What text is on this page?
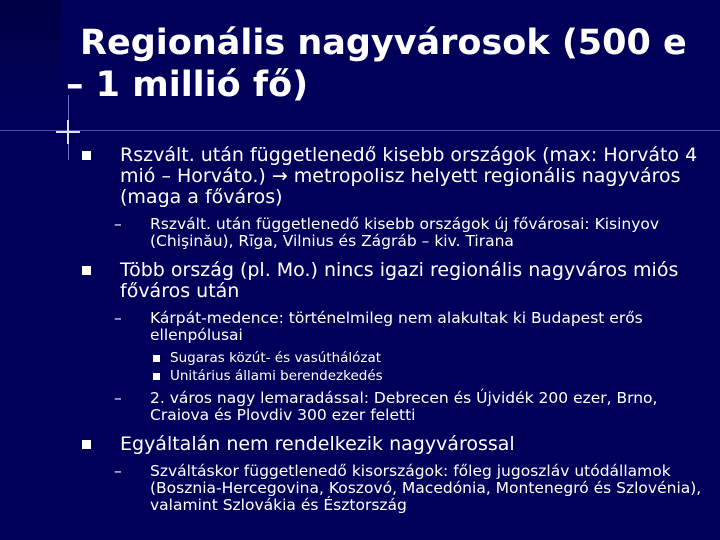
Regionális nagyvárosok (500 e
– 1 millió fő)
Rszvált. után függetlenedő kisebb országok (max: Horváto 4 mió – Horváto.) → metropolisz helyett regionális nagyváros (maga a főváros)
– Rszvált. után függetlenedő kisebb országok új fővárosai: Kisinyov (Chişinău), Rīga, Vilnius és Zágráb – kiv. Tirana
Több ország (pl. Mo.) nincs igazi regionális nagyváros miós főváros után
– Kárpát-medence: történelmileg nem alakultak ki Budapest erős ellenpólusai
Sugaras közút- és vasúthálózat
Unitárius állami berendezkedés
– 2. város nagy lemaradással: Debrecen és Újvidék 200 ezer, Brno, Craiova és Plovdiv 300 ezer feletti
Egyáltalán nem rendelkezik nagyvárossal
– Szváltáskor függetlenedő kisországok: főleg jugoszláv utódállamok (Bosznia-Hercegovina, Koszovó, Macedónia, Montenegró és Szlovénia), valamint Szlovákia és Észtország
